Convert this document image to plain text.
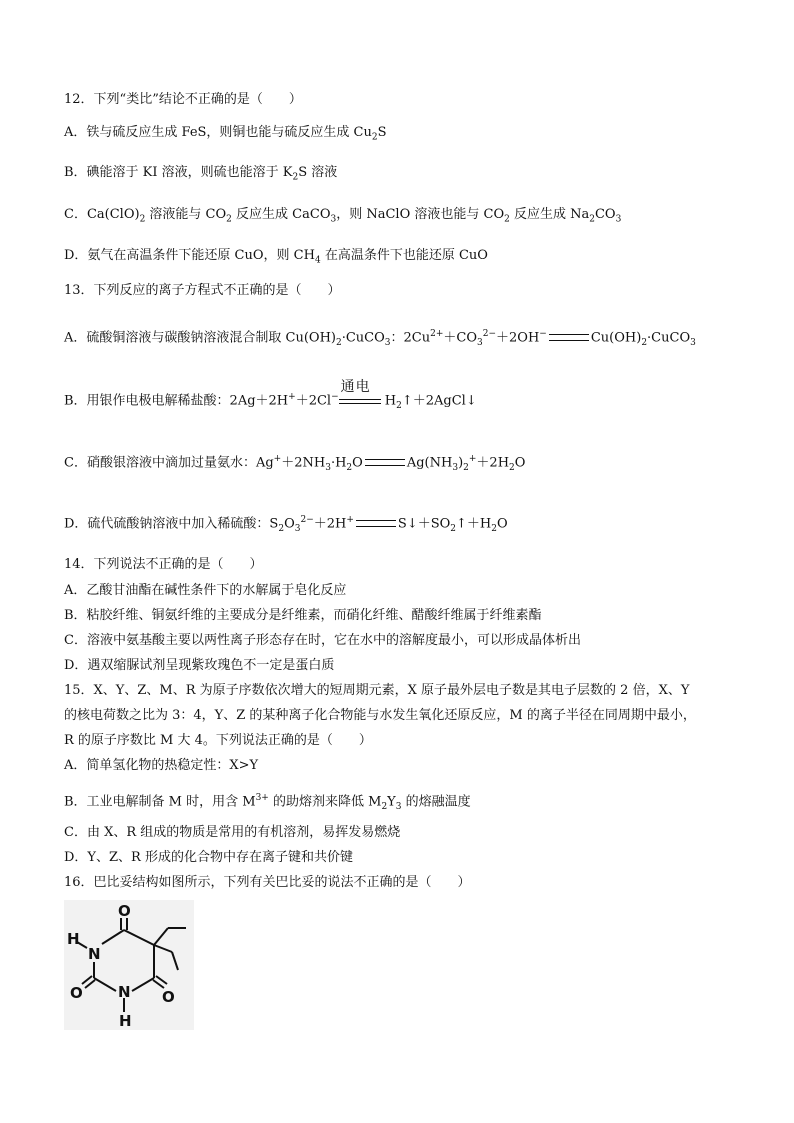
12．下列“类比”结论不正确的是（　　）
A．铁与硫反应生成 FeS，则铜也能与硫反应生成 $Cu_2S$
B．碘能溶于 KI 溶液，则硫也能溶于 $K_2S$ 溶液
C．$Ca(ClO)_2$ 溶液能与 $CO_2$ 反应生成 CaCO$_3$，则 NaClO 溶液也能与 $CO_2$ 反应生成 $Na_2CO_3$
D．氨气在高温条件下能还原 CuO，则 $CH_4$ 在高温条件下也能还原 CuO
13．下列反应的离子方程式不正确的是（　　）
A．硫酸铜溶液与碳酸钠溶液混合制取 $Cu(OH)_2\cdot CuCO_3$：$2Cu^{2+}+CO_3^{2-}+2OH^-$	$Cu(OH)_2\cdot CuCO_3$
B．用银作电极电解稀盐酸：2Ag＋2H+＋2Cl−
通电
$H_2↑+2AgCl↓$
C．硝酸银溶液中滴加过量氨水：$Ag^++2NH_3\cdot H_2O$	$Ag(NH_3)_2^++2H_2O$
D．硫代硫酸钠溶液中加入稀硫酸：$S_2O_3^{2-}+2H^+$	$S↓+SO_2↑+H_2O$
14．下列说法不正确的是（　　）
A．乙酸甘油酯在碱性条件下的水解属于皂化反应
B．粘胶纤维、铜氨纤维的主要成分是纤维素，而硝化纤维、醋酸纤维属于纤维素酯
C．溶液中氨基酸主要以两性离子形态存在时，它在水中的溶解度最小，可以形成晶体析出
D．遇双缩脲试剂呈现紫玫瑰色不一定是蛋白质
15．X、Y、Z、M、R 为原子序数依次增大的短周期元素，X 原子最外层电子数是其电子层数的 2 倍，X、Y
的核电荷数之比为 3：4，Y、Z 的某种离子化合物能与水发生氧化还原反应，M 的离子半径在同周期中最小，
R 的原子序数比 M 大 4。下列说法正确的是（　　）
A．简单氢化物的热稳定性：X>Y
B．工业电解制备 M 时，用含 $M^{3+}$ 的助熔剂来降低 $M_2Y_3$ 的熔融温度
C．由 X、R 组成的物质是常用的有机溶剂，易挥发易燃烧
D．Y、Z、R 形成的化合物中存在离子键和共价键
16．巴比妥结构如图所示，下列有关巴比妥的说法不正确的是（　　）
O
O
O
H
N
N
H
